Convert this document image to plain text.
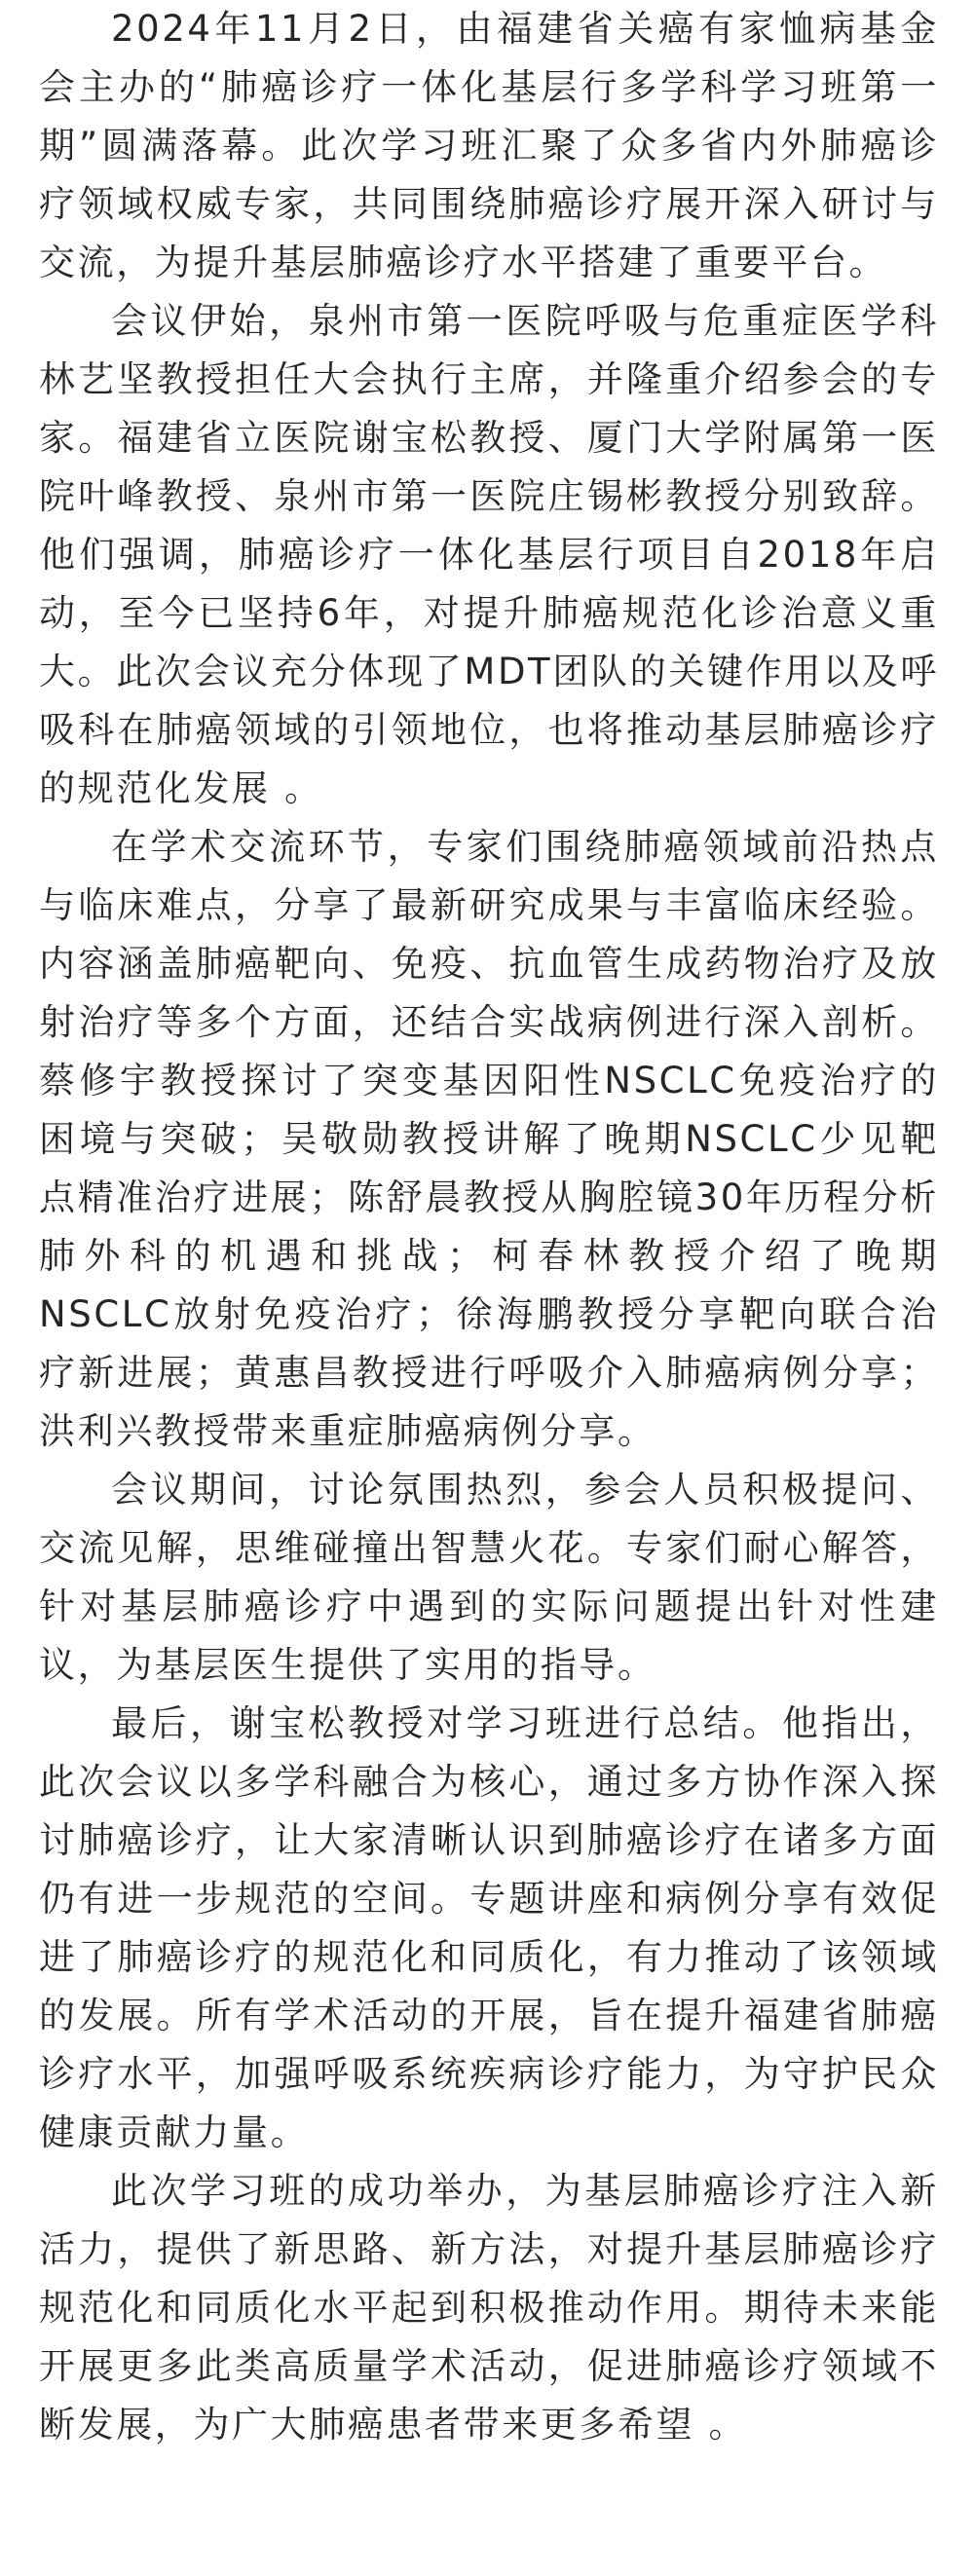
2024年11月2日，由福建省关癌有家恤病基金会主办的“肺癌诊疗一体化基层行多学科学习班第一期”圆满落幕。此次学习班汇聚了众多省内外肺癌诊疗领域权威专家，共同围绕肺癌诊疗展开深入研讨与交流，为提升基层肺癌诊疗水平搭建了重要平台。

会议伊始，泉州市第一医院呼吸与危重症医学科林艺坚教授担任大会执行主席，并隆重介绍参会的专家。福建省立医院谢宝松教授、厦门大学附属第一医院叶峰教授、泉州市第一医院庄锡彬教授分别致辞。他们强调，肺癌诊疗一体化基层行项目自2018年启动，至今已坚持6年，对提升肺癌规范化诊治意义重大。此次会议充分体现了MDT团队的关键作用以及呼吸科在肺癌领域的引领地位，也将推动基层肺癌诊疗的规范化发展 。

在学术交流环节，专家们围绕肺癌领域前沿热点与临床难点，分享了最新研究成果与丰富临床经验。内容涵盖肺癌靶向、免疫、抗血管生成药物治疗及放射治疗等多个方面，还结合实战病例进行深入剖析。蔡修宇教授探讨了突变基因阳性NSCLC免疫治疗的困境与突破；吴敬勋教授讲解了晚期NSCLC少见靶点精准治疗进展；陈舒晨教授从胸腔镜30年历程分析肺外科的机遇和挑战；柯春林教授介绍了晚期NSCLC放射免疫治疗；徐海鹏教授分享靶向联合治疗新进展；黄惠昌教授进行呼吸介入肺癌病例分享；洪利兴教授带来重症肺癌病例分享。

会议期间，讨论氛围热烈，参会人员积极提问、交流见解，思维碰撞出智慧火花。专家们耐心解答，针对基层肺癌诊疗中遇到的实际问题提出针对性建议，为基层医生提供了实用的指导。

最后，谢宝松教授对学习班进行总结。他指出，此次会议以多学科融合为核心，通过多方协作深入探讨肺癌诊疗，让大家清晰认识到肺癌诊疗在诸多方面仍有进一步规范的空间。专题讲座和病例分享有效促进了肺癌诊疗的规范化和同质化，有力推动了该领域的发展。所有学术活动的开展，旨在提升福建省肺癌诊疗水平，加强呼吸系统疾病诊疗能力，为守护民众健康贡献力量。

此次学习班的成功举办，为基层肺癌诊疗注入新活力，提供了新思路、新方法，对提升基层肺癌诊疗规范化和同质化水平起到积极推动作用。期待未来能开展更多此类高质量学术活动，促进肺癌诊疗领域不断发展，为广大肺癌患者带来更多希望 。
